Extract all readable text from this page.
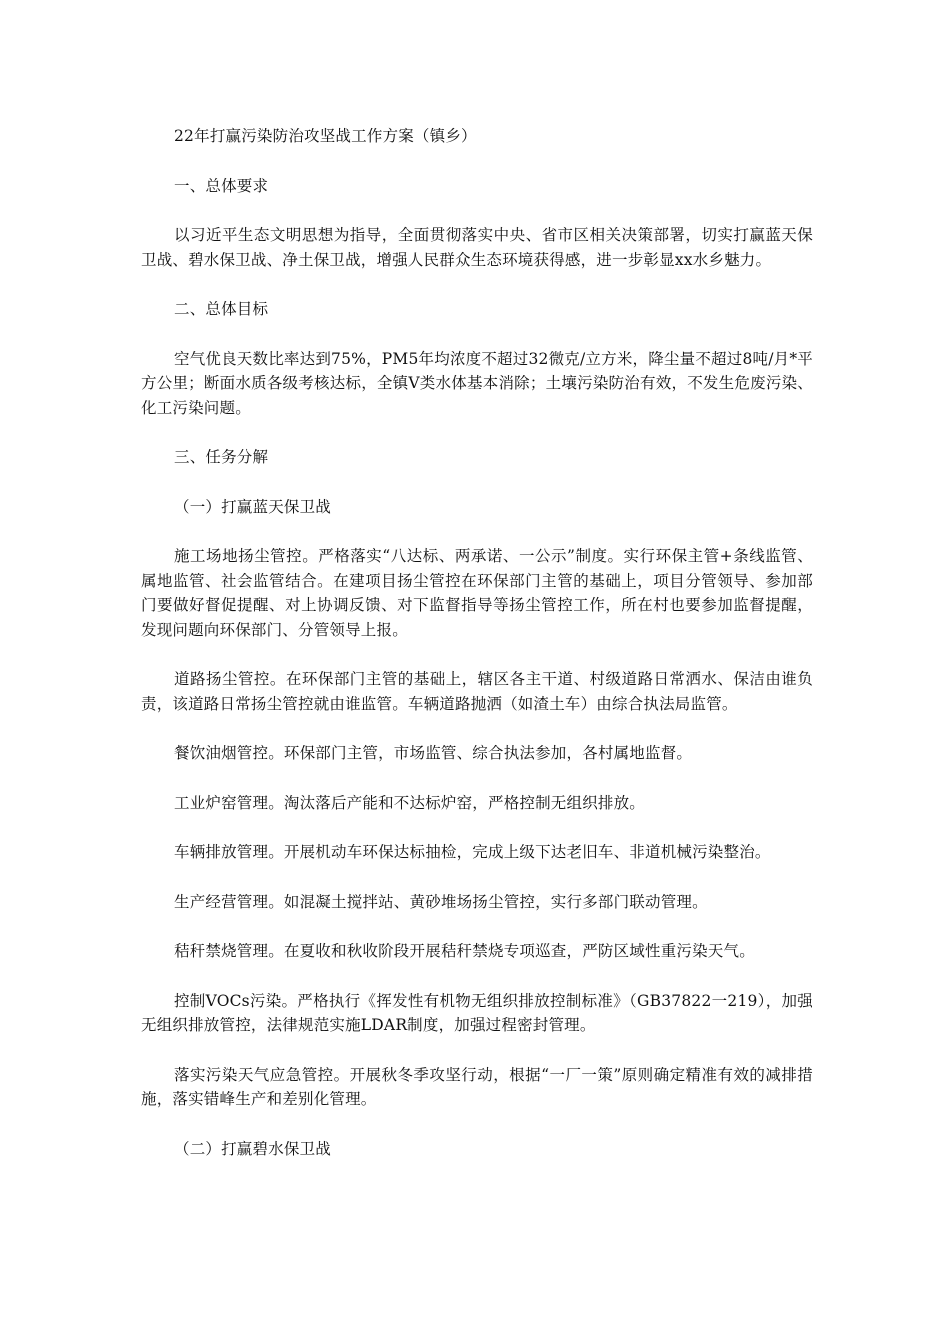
22年打赢污染防治攻坚战工作方案（镇乡）

一、总体要求

以习近平生态文明思想为指导，全面贯彻落实中央、省市区相关决策部署，切实打赢蓝天保卫战、碧水保卫战、净土保卫战，增强人民群众生态环境获得感，进一步彰显xx水乡魅力。

二、总体目标

空气优良天数比率达到75%，PM5年均浓度不超过32微克/立方米，降尘量不超过8吨/月*平方公里；断面水质各级考核达标，全镇Ⅴ类水体基本消除；土壤污染防治有效，不发生危废污染、化工污染问题。

三、任务分解

（一）打赢蓝天保卫战

施工场地扬尘管控。严格落实“八达标、两承诺、一公示”制度。实行环保主管+条线监管、属地监管、社会监管结合。在建项目扬尘管控在环保部门主管的基础上，项目分管领导、参加部门要做好督促提醒、对上协调反馈、对下监督指导等扬尘管控工作，所在村也要参加监督提醒，发现问题向环保部门、分管领导上报。

道路扬尘管控。在环保部门主管的基础上，辖区各主干道、村级道路日常洒水、保洁由谁负责，该道路日常扬尘管控就由谁监管。车辆道路抛洒（如渣土车）由综合执法局监管。

餐饮油烟管控。环保部门主管，市场监管、综合执法参加，各村属地监督。

工业炉窑管理。淘汰落后产能和不达标炉窑，严格控制无组织排放。

车辆排放管理。开展机动车环保达标抽检，完成上级下达老旧车、非道机械污染整治。

生产经营管理。如混凝土搅拌站、黄砂堆场扬尘管控，实行多部门联动管理。

秸秆禁烧管理。在夏收和秋收阶段开展秸秆禁烧专项巡查，严防区域性重污染天气。

控制VOCs污染。严格执行《挥发性有机物无组织排放控制标准》（GB37822一219），加强无组织排放管控，法律规范实施LDAR制度，加强过程密封管理。

落实污染天气应急管控。开展秋冬季攻坚行动，根据“一厂一策”原则确定精准有效的减排措施，落实错峰生产和差别化管理。

（二）打赢碧水保卫战
